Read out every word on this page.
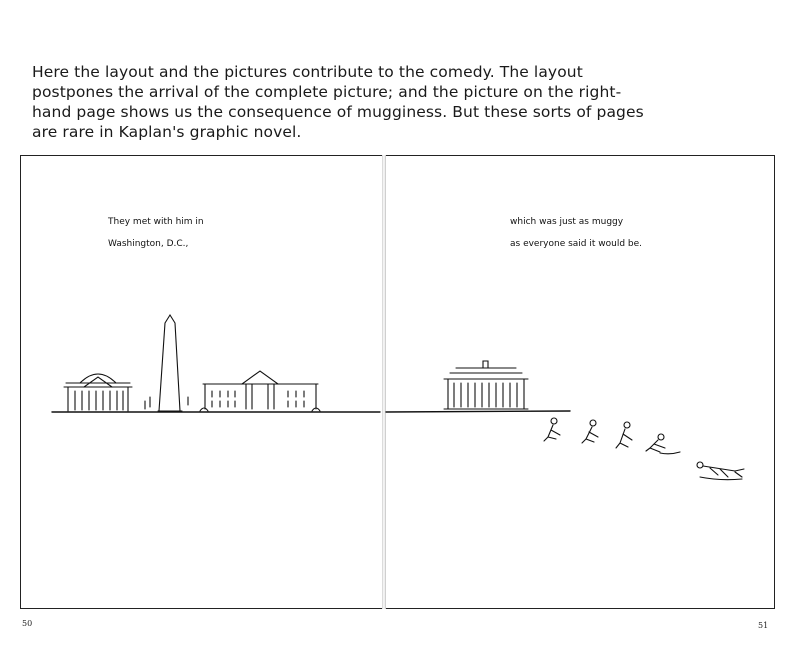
Here the layout and the pictures contribute to the comedy. The layout
postpones the arrival of the complete picture; and the picture on the right-
hand page shows us the consequence of mugginess. But these sorts of pages
are rare in Kaplan's graphic novel.
They met with him in
Washington, D.C.,
which was just as muggy
as everyone said it would be.
50	51
